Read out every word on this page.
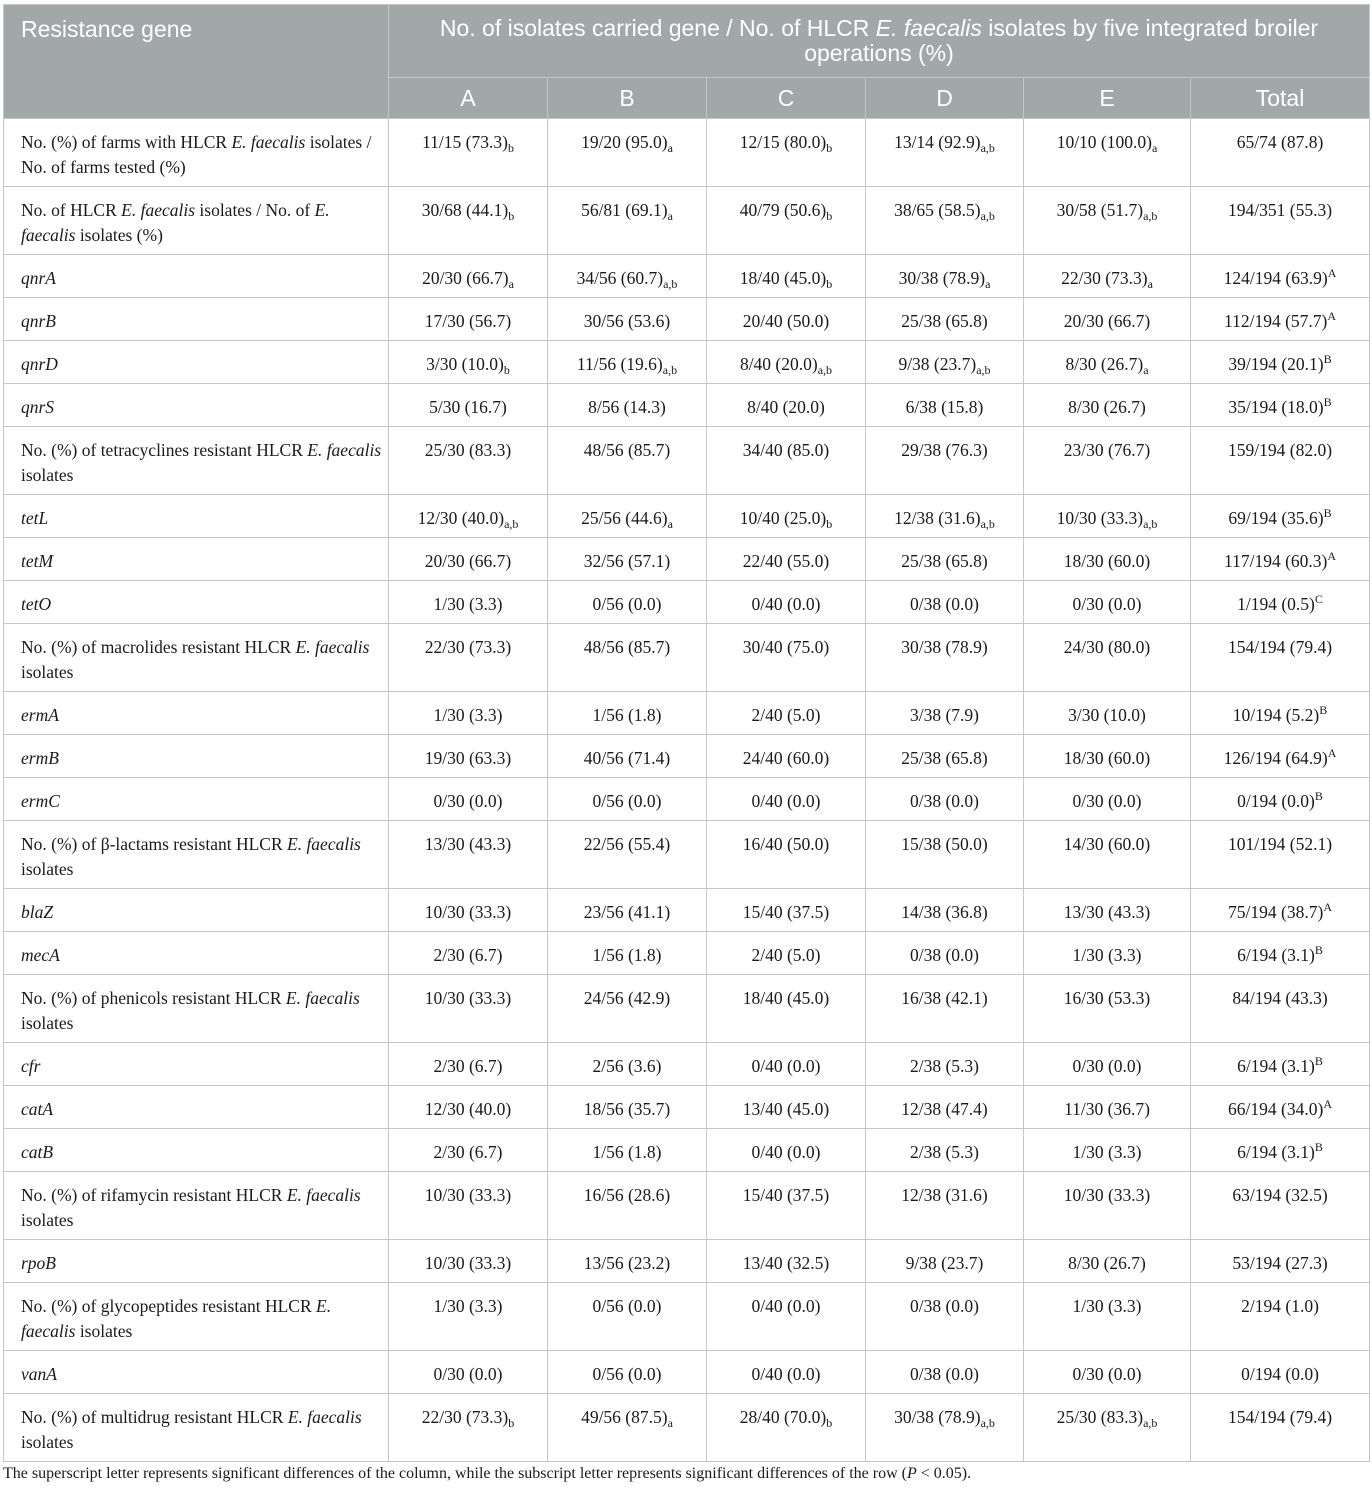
Resistance gene	No. of isolates carried gene / No. of HLCR E. faecalis isolates by five integrated broiler operations (%)					
	A	B	C	D	E	Total
No. (%) of farms with HLCR E. faecalis isolates / No. of farms tested (%)	11/15 $(73.3)_b$	19/20 $(95.0)_a$	12/15 $(80.0)_b$	13/14 $(92.9)_{a,b}$	10/10 $(100.0)_a$	65/74 (87.8)
No. of HLCR E. faecalis isolates / No. of E. faecalis isolates (%)	30/68 $(44.1)_b$	56/81 $(69.1)_a$	40/79 $(50.6)_b$	38/65 $(58.5)_{a,b}$	30/58 $(51.7)_{a,b}$	194/351 (55.3)
qnrA	20/30 $(66.7)_a$	34/56 $(60.7)_{a,b}$	18/40 $(45.0)_b$	30/38 $(78.9)_a$	22/30 $(73.3)_a$	124/194 $(63.9)^A$
qnrB	17/30 (56.7)	30/56 (53.6)	20/40 (50.0)	25/38 (65.8)	20/30 (66.7)	112/194 $(57.7)^A$
qnrD	3/30 $(10.0)_b$	11/56 $(19.6)_{a,b}$	8/40 $(20.0)_{a,b}$	9/38 $(23.7)_{a,b}$	8/30 $(26.7)_a$	39/194 $(20.1)^B$
qnrS	5/30 (16.7)	8/56 (14.3)	8/40 (20.0)	6/38 (15.8)	8/30 (26.7)	35/194 $(18.0)^B$
No. (%) of tetracyclines resistant HLCR E. faecalis isolates	25/30 (83.3)	48/56 (85.7)	34/40 (85.0)	29/38 (76.3)	23/30 (76.7)	159/194 (82.0)
tetL	12/30 $(40.0)_{a,b}$	25/56 $(44.6)_a$	10/40 $(25.0)_b$	12/38 $(31.6)_{a,b}$	10/30 $(33.3)_{a,b}$	69/194 $(35.6)^B$
tetM	20/30 (66.7)	32/56 (57.1)	22/40 (55.0)	25/38 (65.8)	18/30 (60.0)	117/194 $(60.3)^A$
tetO	1/30 (3.3)	0/56 (0.0)	0/40 (0.0)	0/38 (0.0)	0/30 (0.0)	1/194 $(0.5)^C$
No. (%) of macrolides resistant HLCR E. faecalis isolates	22/30 (73.3)	48/56 (85.7)	30/40 (75.0)	30/38 (78.9)	24/30 (80.0)	154/194 (79.4)
ermA	1/30 (3.3)	1/56 (1.8)	2/40 (5.0)	3/38 (7.9)	3/30 (10.0)	10/194 $(5.2)^B$
ermB	19/30 (63.3)	40/56 (71.4)	24/40 (60.0)	25/38 (65.8)	18/30 (60.0)	126/194 $(64.9)^A$
ermC	0/30 (0.0)	0/56 (0.0)	0/40 (0.0)	0/38 (0.0)	0/30 (0.0)	0/194 $(0.0)^B$
No. (%) of β-lactams resistant HLCR E. faecalis isolates	13/30 (43.3)	22/56 (55.4)	16/40 (50.0)	15/38 (50.0)	14/30 (60.0)	101/194 (52.1)
blaZ	10/30 (33.3)	23/56 (41.1)	15/40 (37.5)	14/38 (36.8)	13/30 (43.3)	75/194 $(38.7)^A$
mecA	2/30 (6.7)	1/56 (1.8)	2/40 (5.0)	0/38 (0.0)	1/30 (3.3)	6/194 $(3.1)^B$
No. (%) of phenicols resistant HLCR E. faecalis isolates	10/30 (33.3)	24/56 (42.9)	18/40 (45.0)	16/38 (42.1)	16/30 (53.3)	84/194 (43.3)
cfr	2/30 (6.7)	2/56 (3.6)	0/40 (0.0)	2/38 (5.3)	0/30 (0.0)	6/194 $(3.1)^B$
catA	12/30 (40.0)	18/56 (35.7)	13/40 (45.0)	12/38 (47.4)	11/30 (36.7)	66/194 $(34.0)^A$
catB	2/30 (6.7)	1/56 (1.8)	0/40 (0.0)	2/38 (5.3)	1/30 (3.3)	6/194 $(3.1)^B$
No. (%) of rifamycin resistant HLCR E. faecalis isolates	10/30 (33.3)	16/56 (28.6)	15/40 (37.5)	12/38 (31.6)	10/30 (33.3)	63/194 (32.5)
rpoB	10/30 (33.3)	13/56 (23.2)	13/40 (32.5)	9/38 (23.7)	8/30 (26.7)	53/194 (27.3)
No. (%) of glycopeptides resistant HLCR E. faecalis isolates	1/30 (3.3)	0/56 (0.0)	0/40 (0.0)	0/38 (0.0)	1/30 (3.3)	2/194 (1.0)
vanA	0/30 (0.0)	0/56 (0.0)	0/40 (0.0)	0/38 (0.0)	0/30 (0.0)	0/194 (0.0)
No. (%) of multidrug resistant HLCR E. faecalis isolates	22/30 $(73.3)_b$	49/56 $(87.5)_a$	28/40 $(70.0)_b$	30/38 $(78.9)_{a,b}$	25/30 $(83.3)_{a,b}$	154/194 (79.4)
The superscript letter represents significant differences of the column, while the subscript letter represents significant differences of the row (P < 0.05).
